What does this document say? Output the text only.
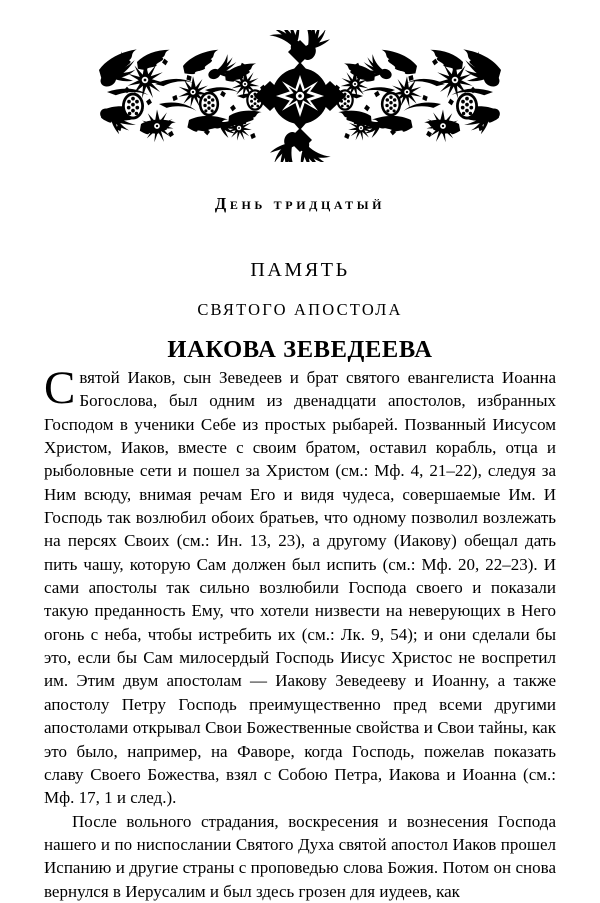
День тридцатый
ПАМЯТЬ
СВЯТОГО АПОСТОЛА
ИАКОВА ЗЕВЕДЕЕВА

Святой Иаков, сын Зеведеев и брат святого евангелиста Иоанна Богослова, был одним из двенадцати апостолов, избранных Господом в ученики Себе из простых рыбарей. Позванный Иисусом Христом, Иаков, вместе с своим братом, оставил корабль, отца и рыболовные сети и пошел за Христом (см.: Мф. 4, 21–22), следуя за Ним всюду, внимая речам Его и видя чудеса, совершаемые Им. И Господь так возлюбил обоих братьев, что одному позволил возлежать на персях Своих (см.: Ин. 13, 23), а другому (Иакову) обещал дать пить чашу, которую Сам должен был испить (см.: Мф. 20, 22–23). И сами апостолы так сильно возлюбили Господа своего и показали такую преданность Ему, что хотели низвести на неверующих в Него огонь с неба, чтобы истребить их (см.: Лк. 9, 54); и они сделали бы это, если бы Сам милосердый Господь Иисус Христос не воспретил им. Этим двум апостолам — Иакову Зеведееву и Иоанну, а также апостолу Петру Господь преимущественно пред всеми другими апостолами открывал Свои Божественные свойства и Свои тайны, как это было, например, на Фаворе, когда Господь, пожелав показать славу Своего Божества, взял с Собою Петра, Иакова и Иоанна (см.: Мф. 17, 1 и след.).

После вольного страдания, воскресения и вознесения Господа нашего и по ниспослании Святого Духа святой апостол Иаков прошел Испанию и другие страны с проповедью слова Божия. Потом он снова вернулся в Иерусалим и был здесь грозен для иудеев, как
